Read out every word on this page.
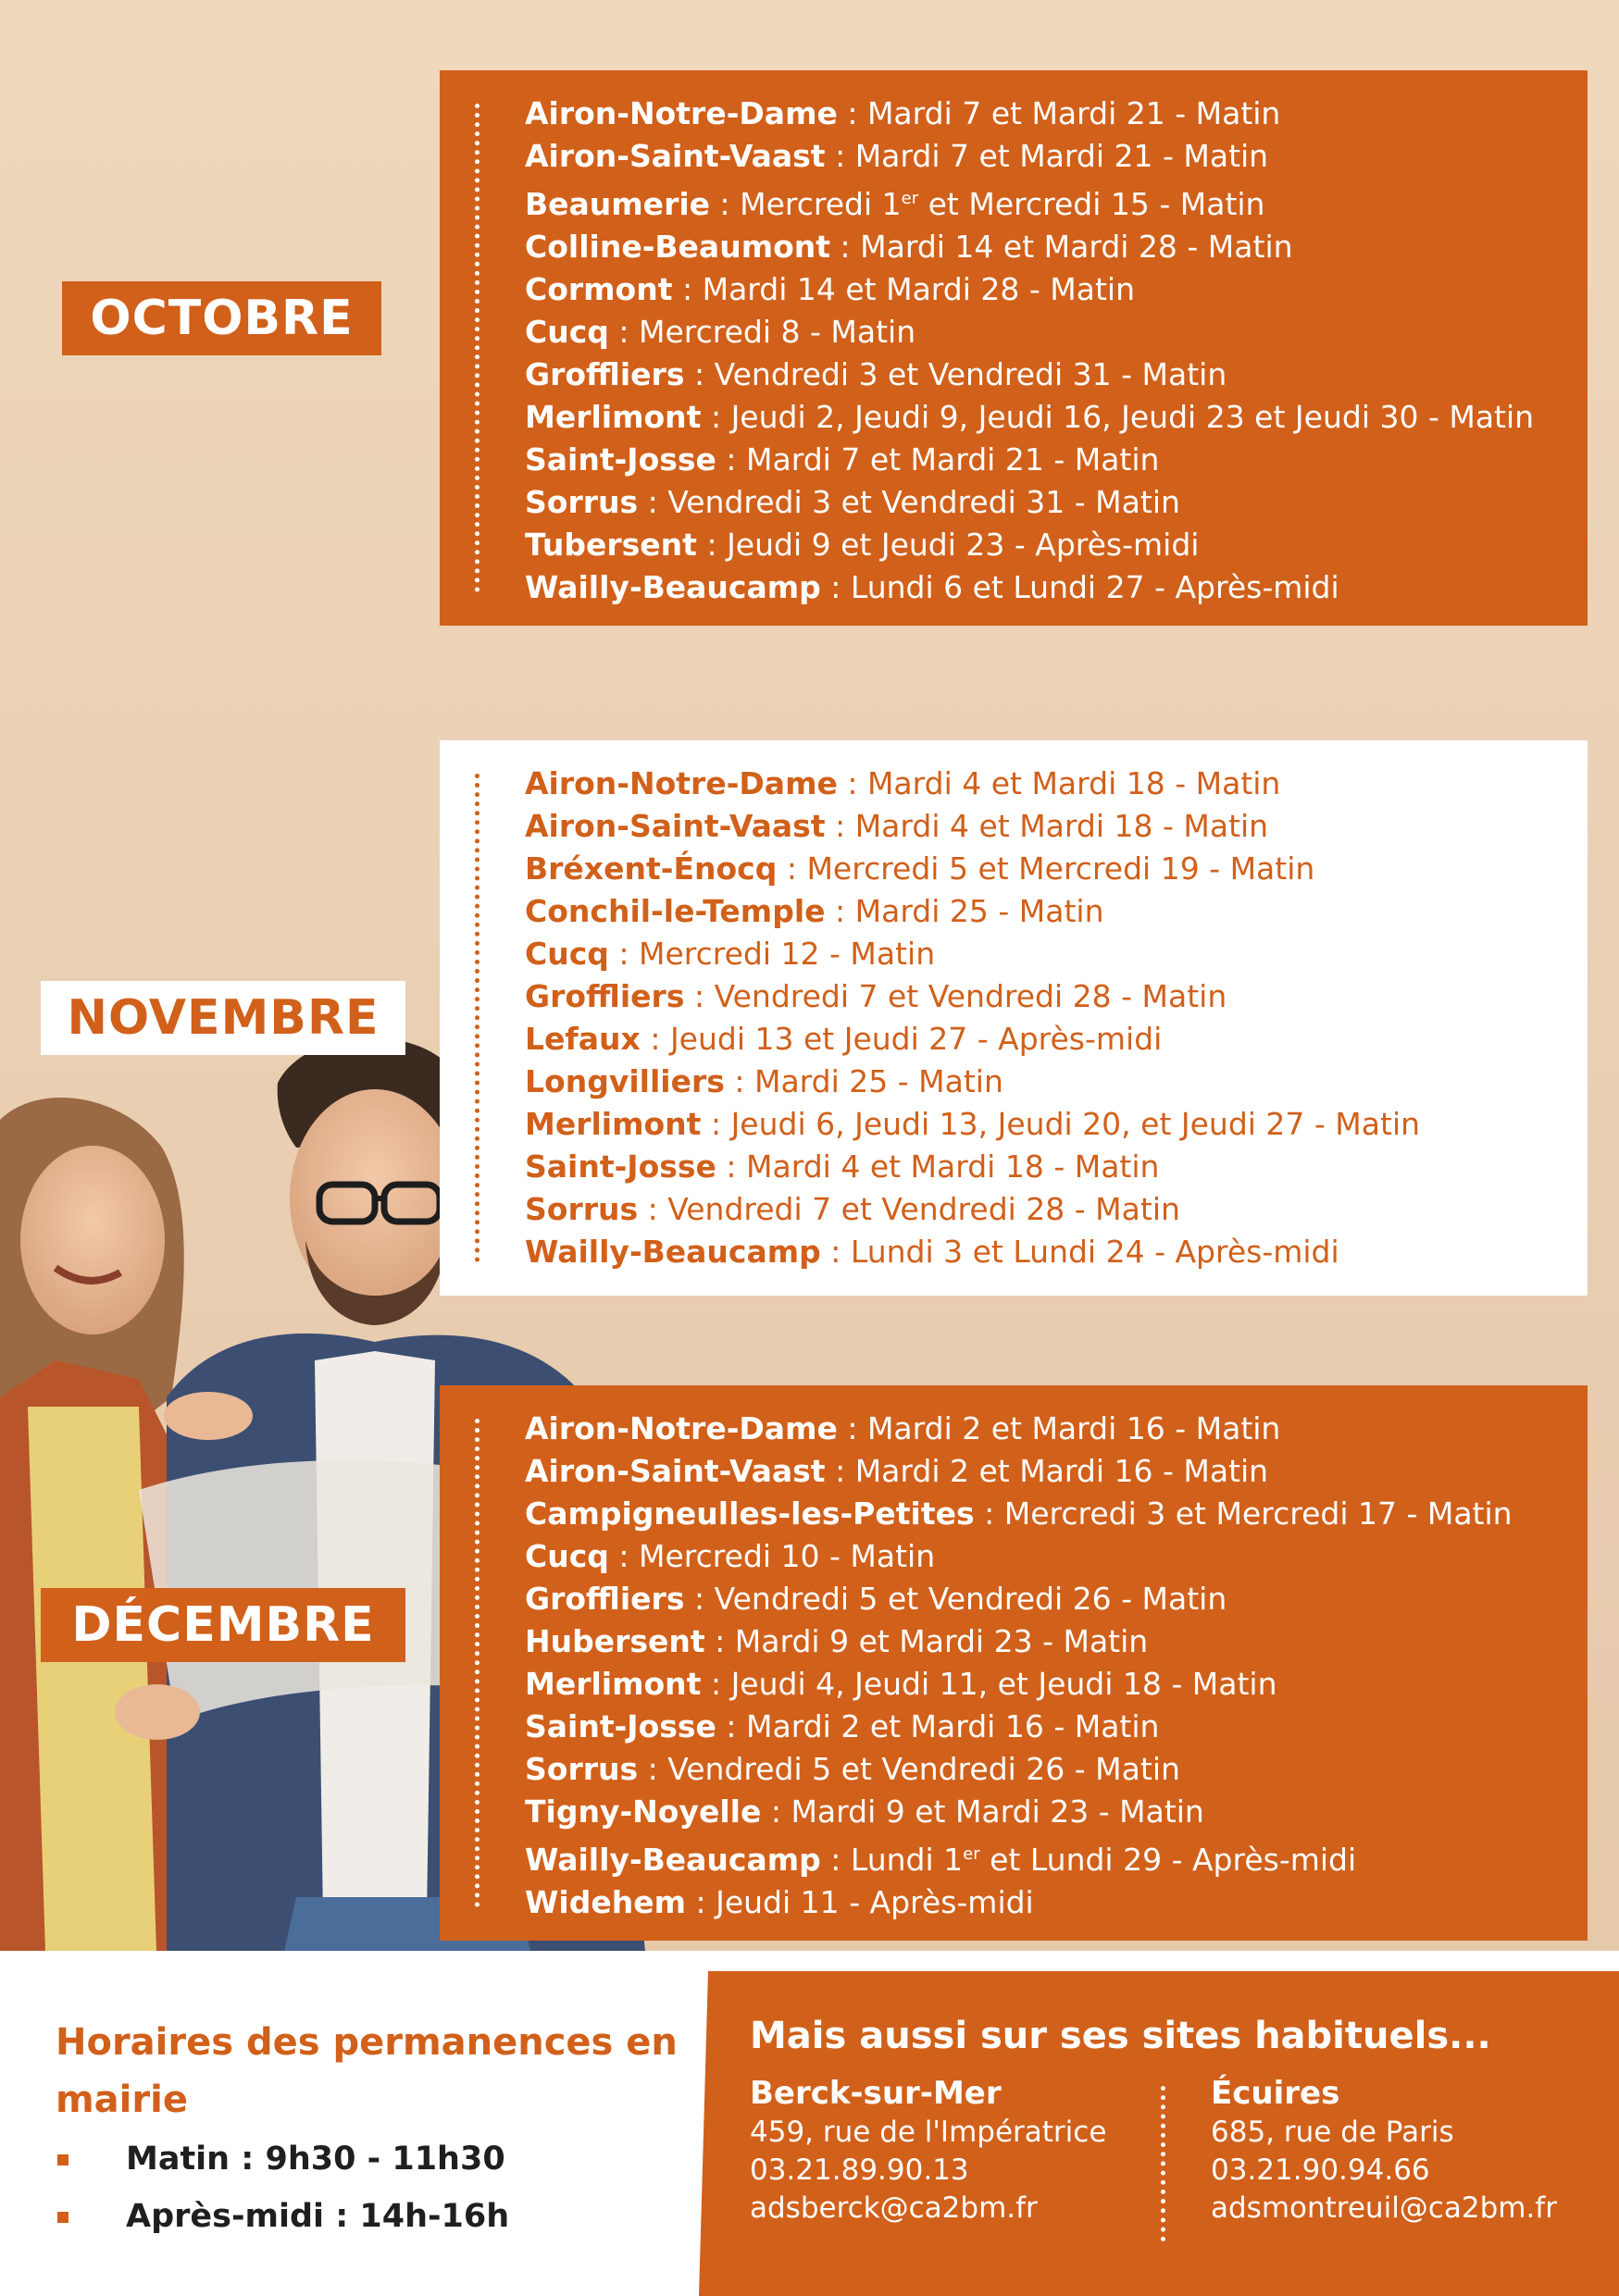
OCTOBRE
Airon-Notre-Dame : Mardi 7 et Mardi 21 - Matin
Airon-Saint-Vaast : Mardi 7 et Mardi 21 - Matin
Beaumerie : Mercredi 1er et Mercredi 15 - Matin
Colline-Beaumont : Mardi 14 et Mardi 28 - Matin
Cormont : Mardi 14 et Mardi 28 - Matin
Cucq : Mercredi 8 - Matin
Groffliers : Vendredi 3 et Vendredi 31 - Matin
Merlimont : Jeudi 2, Jeudi 9, Jeudi 16, Jeudi 23 et Jeudi 30 - Matin
Saint-Josse : Mardi 7 et Mardi 21 - Matin
Sorrus : Vendredi 3 et Vendredi 31 - Matin
Tubersent : Jeudi 9 et Jeudi 23 - Après-midi
Wailly-Beaucamp : Lundi 6 et Lundi 27 - Après-midi
NOVEMBRE
Airon-Notre-Dame : Mardi 4 et Mardi 18 - Matin
Airon-Saint-Vaast : Mardi 4 et Mardi 18 - Matin
Bréxent-Énocq : Mercredi 5 et Mercredi 19 - Matin
Conchil-le-Temple : Mardi 25 - Matin
Cucq : Mercredi 12 - Matin
Groffliers : Vendredi 7 et Vendredi 28 - Matin
Lefaux : Jeudi 13 et Jeudi 27 - Après-midi
Longvilliers : Mardi 25 - Matin
Merlimont : Jeudi 6, Jeudi 13, Jeudi 20, et Jeudi 27 - Matin
Saint-Josse : Mardi 4 et Mardi 18 - Matin
Sorrus : Vendredi 7 et Vendredi 28 - Matin
Wailly-Beaucamp : Lundi 3 et Lundi 24 - Après-midi
DÉCEMBRE
Airon-Notre-Dame : Mardi 2 et Mardi 16 - Matin
Airon-Saint-Vaast : Mardi 2 et Mardi 16 - Matin
Campigneulles-les-Petites : Mercredi 3 et Mercredi 17 - Matin
Cucq : Mercredi 10 - Matin
Groffliers : Vendredi 5 et Vendredi 26 - Matin
Hubersent : Mardi 9 et Mardi 23 - Matin
Merlimont : Jeudi 4, Jeudi 11, et Jeudi 18 - Matin
Saint-Josse : Mardi 2 et Mardi 16 - Matin
Sorrus : Vendredi 5 et Vendredi 26 - Matin
Tigny-Noyelle : Mardi 9 et Mardi 23 - Matin
Wailly-Beaucamp : Lundi 1er et Lundi 29 - Après-midi
Widehem : Jeudi 11 - Après-midi
Horaires des permanences en mairie
Matin : 9h30 - 11h30
Après-midi : 14h-16h
Mais aussi sur ses sites habituels...
Berck-sur-Mer
459, rue de l'Impératrice
03.21.89.90.13
adsberck@ca2bm.fr
Écuires
685, rue de Paris
03.21.90.94.66
adsmontreuil@ca2bm.fr
